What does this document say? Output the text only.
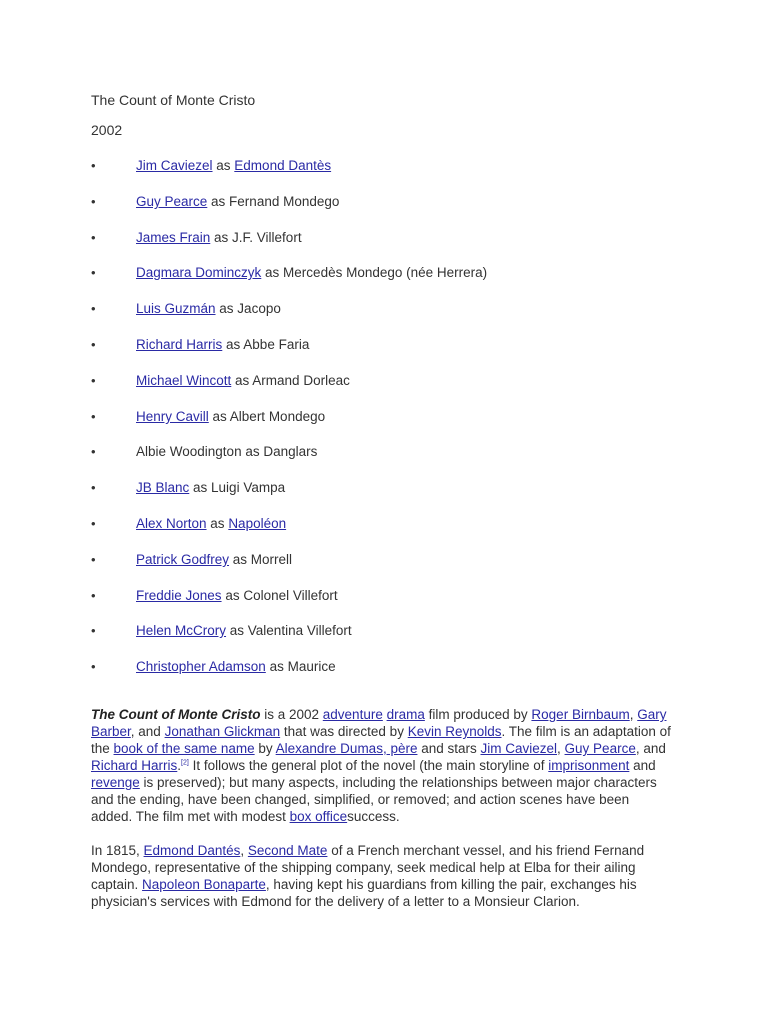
The Count of Monte Cristo
2002
•	Jim Caviezel as Edmond Dantès
•	Guy Pearce as Fernand Mondego
•	James Frain as J.F. Villefort
•	Dagmara Dominczyk as Mercedès Mondego (née Herrera)
•	Luis Guzmán as Jacopo
•	Richard Harris as Abbe Faria
•	Michael Wincott as Armand Dorleac
•	Henry Cavill as Albert Mondego
•	Albie Woodington as Danglars
•	JB Blanc as Luigi Vampa
•	Alex Norton as Napoléon
•	Patrick Godfrey as Morrell
•	Freddie Jones as Colonel Villefort
•	Helen McCrory as Valentina Villefort
•	Christopher Adamson as Maurice

The Count of Monte Cristo is a 2002 adventure drama film produced by Roger Birnbaum, Gary Barber, and Jonathan Glickman that was directed by Kevin Reynolds. The film is an adaptation of the book of the same name by Alexandre Dumas, père and stars Jim Caviezel, Guy Pearce, and
Richard Harris.[2] It follows the general plot of the novel (the main storyline of imprisonment and revenge is preserved); but many aspects, including the relationships between major characters and the ending, have been changed, simplified, or removed; and action scenes have been added. The film met with modest box officesuccess.

In 1815, Edmond Dantés, Second Mate of a French merchant vessel, and his friend Fernand Mondego, representative of the shipping company, seek medical help at Elba for their ailing captain. Napoleon Bonaparte, having kept his guardians from killing the pair, exchanges his physician's services with Edmond for the delivery of a letter to a Monsieur Clarion.
